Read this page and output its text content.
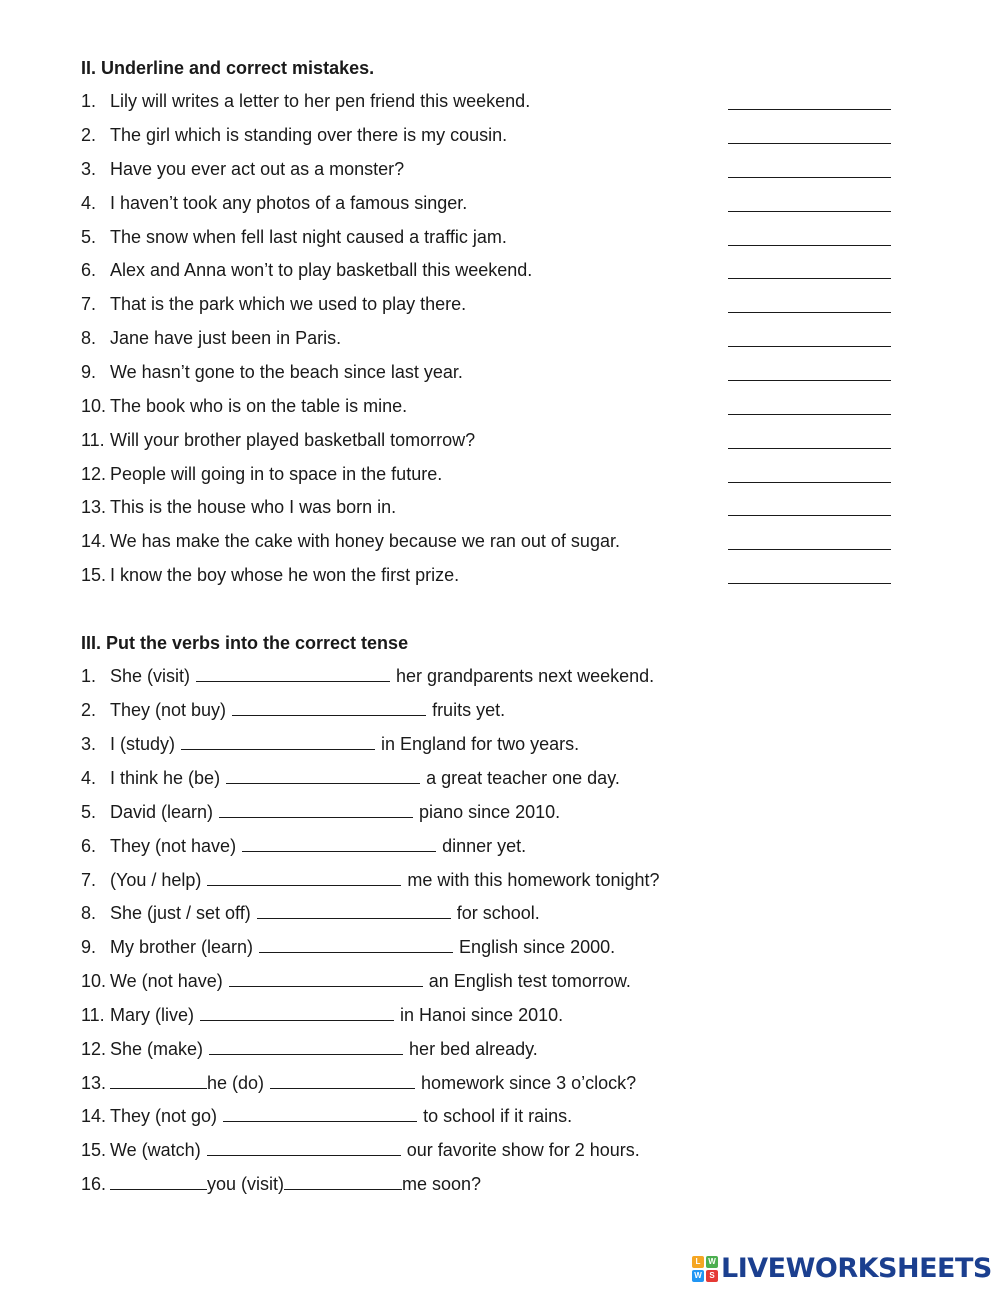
II. Underline and correct mistakes.
1. Lily will writes a letter to her pen friend this weekend.
2. The girl which is standing over there is my cousin.
3. Have you ever act out as a monster?
4. I haven’t took any photos of a famous singer.
5. The snow when fell last night caused a traffic jam.
6. Alex and Anna won’t to play basketball this weekend.
7. That is the park which we used to play there.
8. Jane have just been in Paris.
9. We hasn’t gone to the beach since last year.
10. The book who is on the table is mine.
11. Will your brother played basketball tomorrow?
12. People will going in to space in the future.
13. This is the house who I was born in.
14. We has make the cake with honey because we ran out of sugar.
15. I know the boy whose he won the first prize.
III. Put the verbs into the correct tense
1. She (visit)	her grandparents next weekend.
2. They (not buy)	fruits yet.
3. I (study)	in England for two years.
4. I think he (be)	a great teacher one day.
5. David (learn)	piano since 2010.
6. They (not have)	dinner yet.
7. (You / help)	me with this homework tonight?
8. She (just / set off)	for school.
9. My brother (learn)	English since 2000.
10. We (not have)	an English test tomorrow.
11. Mary (live)	in Hanoi since 2010.
12. She (make)	her bed already.
13.	he (do)	homework since 3 o’clock?
14. They (not go)	to school if it rains.
15. We (watch)	our favorite show for 2 hours.
16.	you (visit)	me soon?
L W
W S LIVEWORKSHEETS
